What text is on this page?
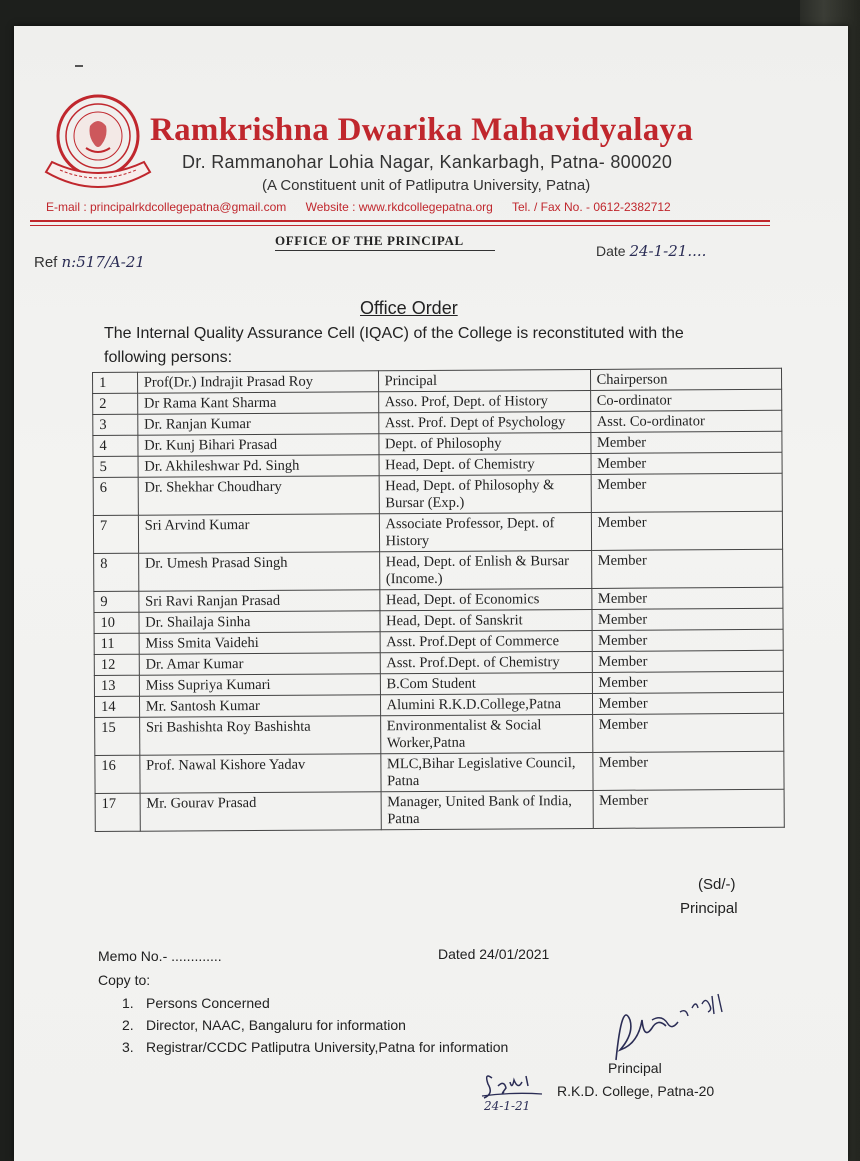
Ramkrishna Dwarika Mahavidyalaya
Dr. Rammanohar Lohia Nagar, Kankarbagh, Patna- 800020
(A Constituent unit of Patliputra University, Patna)
E-mail : principalrkdcollegepatna@gmail.com Website : www.rkdcollegepatna.org Tel. / Fax No. - 0612-2382712
OFFICE OF THE PRINCIPAL
Ref n:517/A-21
Date 24-1-21....
Office Order
The Internal Quality Assurance Cell (IQAC) of the College is reconstituted with the following persons:
1	Prof(Dr.) Indrajit Prasad Roy	Principal	Chairperson
2	Dr Rama Kant Sharma	Asso. Prof, Dept. of History	Co-ordinator
3	Dr. Ranjan Kumar	Asst. Prof. Dept of Psychology	Asst. Co-ordinator
4	Dr. Kunj Bihari Prasad	Dept. of Philosophy	Member
5	Dr. Akhileshwar Pd. Singh	Head, Dept. of Chemistry	Member
6	Dr. Shekhar Choudhary	Head, Dept. of Philosophy & Bursar (Exp.)	Member
7	Sri Arvind Kumar	Associate Professor, Dept. of History	Member
8	Dr. Umesh Prasad Singh	Head, Dept. of Enlish & Bursar (Income.)	Member
9	Sri Ravi Ranjan Prasad	Head, Dept. of Economics	Member
10	Dr. Shailaja Sinha	Head, Dept. of Sanskrit	Member
11	Miss Smita Vaidehi	Asst. Prof.Dept of Commerce	Member
12	Dr. Amar Kumar	Asst. Prof.Dept. of Chemistry	Member
13	Miss Supriya Kumari	B.Com Student	Member
14	Mr. Santosh Kumar	Alumini R.K.D.College,Patna	Member
15	Sri Bashishta Roy Bashishta	Environmentalist & Social Worker,Patna	Member
16	Prof. Nawal Kishore Yadav	MLC,Bihar Legislative Council, Patna	Member
17	Mr. Gourav Prasad	Manager, United Bank of India, Patna	Member
(Sd/-)
Principal
Memo No.- .............	Dated 24/01/2021
Copy to:
1. Persons Concerned
2. Director, NAAC, Bangaluru for information
3. Registrar/CCDC Patliputra University,Patna for information
Principal
R.K.D. College, Patna-20
24-1-21
